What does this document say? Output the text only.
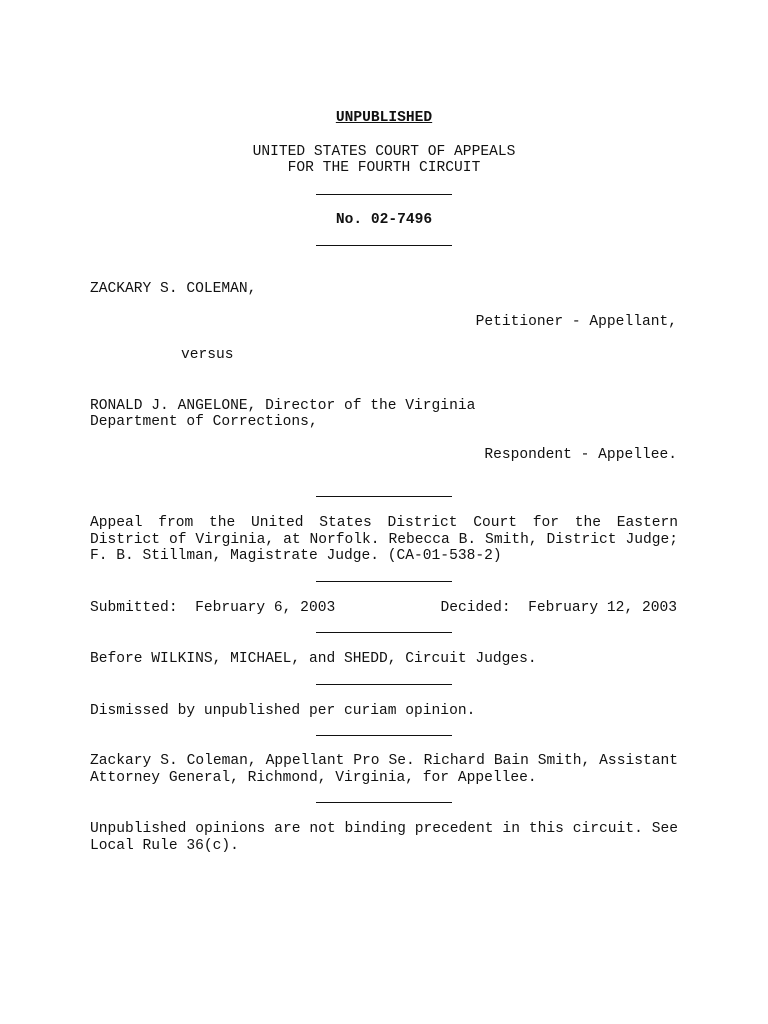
UNPUBLISHED
UNITED STATES COURT OF APPEALS
FOR THE FOURTH CIRCUIT
No. 02-7496
ZACKARY S. COLEMAN,
Petitioner - Appellant,
versus
RONALD J. ANGELONE, Director of the Virginia
Department of Corrections,
Respondent - Appellee.
Appeal from the United States District Court for the Eastern District of Virginia, at Norfolk. Rebecca B. Smith, District Judge; F. B. Stillman, Magistrate Judge. (CA-01-538-2)
Submitted:  February 6, 2003	Decided:  February 12, 2003
Before WILKINS, MICHAEL, and SHEDD, Circuit Judges.
Dismissed by unpublished per curiam opinion.
Zackary S. Coleman, Appellant Pro Se. Richard Bain Smith, Assistant Attorney General, Richmond, Virginia, for Appellee.
Unpublished opinions are not binding precedent in this circuit. See Local Rule 36(c).
